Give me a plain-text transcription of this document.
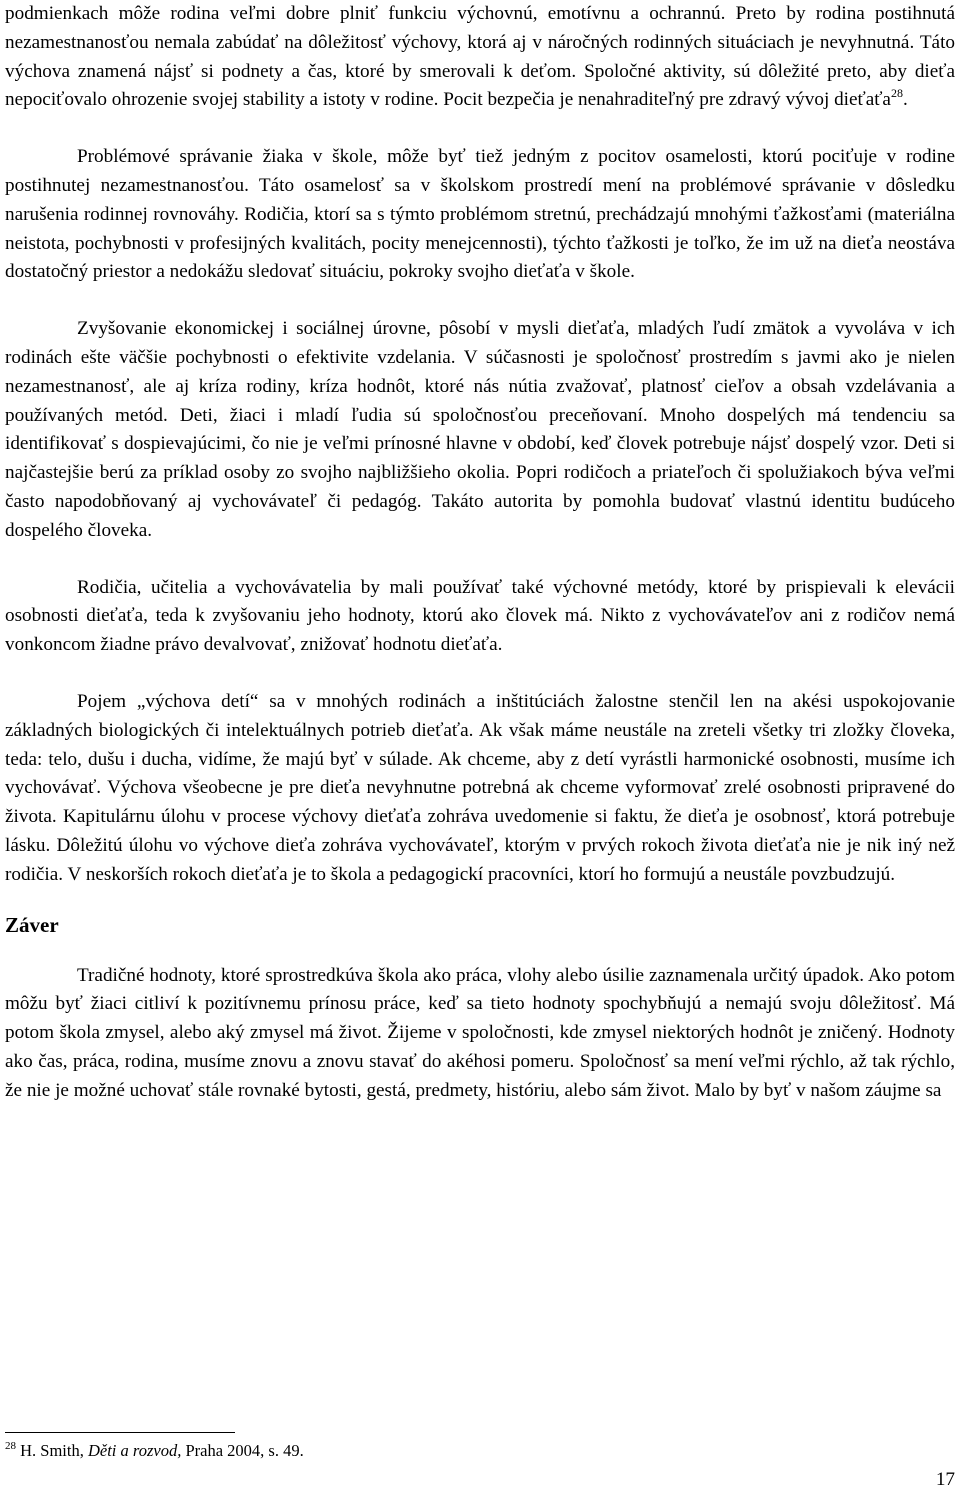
podmienkach môže rodina veľmi dobre plniť funkciu výchovnú, emotívnu a ochrannú. Preto by rodina postihnutá nezamestnanosťou nemala zabúdať na dôležitosť výchovy, ktorá aj v náročných rodinných situáciach je nevyhnutná. Táto výchova znamená nájsť si podnety a čas, ktoré by smerovali k deťom. Spoločné aktivity, sú dôležité preto, aby dieťa nepociťovalo ohrozenie svojej stability a istoty v rodine. Pocit bezpečia je nenahraditeľný pre zdravý vývoj dieťaťa$^{28}$.

Problémové správanie žiaka v škole, môže byť tiež jedným z pocitov osamelosti, ktorú pociťuje v rodine postihnutej nezamestnanosťou. Táto osamelosť sa v školskom prostredí mení na problémové správanie v dôsledku narušenia rodinnej rovnováhy. Rodičia, ktorí sa s týmto problémom stretnú, prechádzajú mnohými ťažkosťami (materiálna neistota, pochybnosti v profesijných kvalitách, pocity menejcennosti), týchto ťažkosti je toľko, že im už na dieťa neostáva dostatočný priestor a nedokážu sledovať situáciu, pokroky svojho dieťaťa v škole.

Zvyšovanie ekonomickej i sociálnej úrovne, pôsobí v mysli dieťaťa, mladých ľudí zmätok a vyvoláva v ich rodinách ešte väčšie pochybnosti o efektivite vzdelania. V súčasnosti je spoločnosť prostredím s javmi ako je nielen nezamestnanosť, ale aj kríza rodiny, kríza hodnôt, ktoré nás nútia zvažovať, platnosť cieľov a obsah vzdelávania a používaných metód. Deti, žiaci i mladí ľudia sú spoločnosťou preceňovaní. Mnoho dospelých má tendenciu sa identifikovať s dospievajúcimi, čo nie je veľmi prínosné hlavne v období, keď človek potrebuje nájsť dospelý vzor. Deti si najčastejšie berú za príklad osoby zo svojho najbližšieho okolia. Popri rodičoch a priateľoch či spolužiakoch býva veľmi často napodobňovaný aj vychovávateľ či pedagóg. Takáto autorita by pomohla budovať vlastnú identitu budúceho dospelého človeka.

Rodičia, učitelia a vychovávatelia by mali používať také výchovné metódy, ktoré by prispievali k elevácii osobnosti dieťaťa, teda k zvyšovaniu jeho hodnoty, ktorú ako človek má. Nikto z vychovávateľov ani z rodičov nemá vonkoncom žiadne právo devalvovať, znižovať hodnotu dieťaťa.

Pojem „výchova detí“ sa v mnohých rodinách a inštitúciách žalostne stenčil len na akési uspokojovanie základných biologických či intelektuálnych potrieb dieťaťa. Ak však máme neustále na zreteli všetky tri zložky človeka, teda: telo, dušu i ducha, vidíme, že majú byť v súlade. Ak chceme, aby z detí vyrástli harmonické osobnosti, musíme ich vychovávať. Výchova všeobecne je pre dieťa nevyhnutne potrebná ak chceme vyformovať zrelé osobnosti pripravené do života. Kapitulárnu úlohu v procese výchovy dieťaťa zohráva uvedomenie si faktu, že dieťa je osobnosť, ktorá potrebuje lásku. Dôležitú úlohu vo výchove dieťa zohráva vychovávateľ, ktorým v prvých rokoch života dieťaťa nie je nik iný než rodičia. V neskorších rokoch dieťaťa je to škola a pedagogickí pracovníci, ktorí ho formujú a neustále povzbudzujú.

Záver

Tradičné hodnoty, ktoré sprostredkúva škola ako práca, vlohy alebo úsilie zaznamenala určitý úpadok. Ako potom môžu byť žiaci citliví k pozitívnemu prínosu práce, keď sa tieto hodnoty spochybňujú a nemajú svoju dôležitosť. Má potom škola zmysel, alebo aký zmysel má život. Žijeme v spoločnosti, kde zmysel niektorých hodnôt je zničený. Hodnoty ako čas, práca, rodina, musíme znovu a znovu stavať do akéhosi pomeru. Spoločnosť sa mení veľmi rýchlo, až tak rýchlo, že nie je možné uchovať stále rovnaké bytosti, gestá, predmety, históriu, alebo sám život. Malo by byť v našom záujme sa

$^{28}$ H. Smith, Děti a rozvod, Praha 2004, s. 49.
17
